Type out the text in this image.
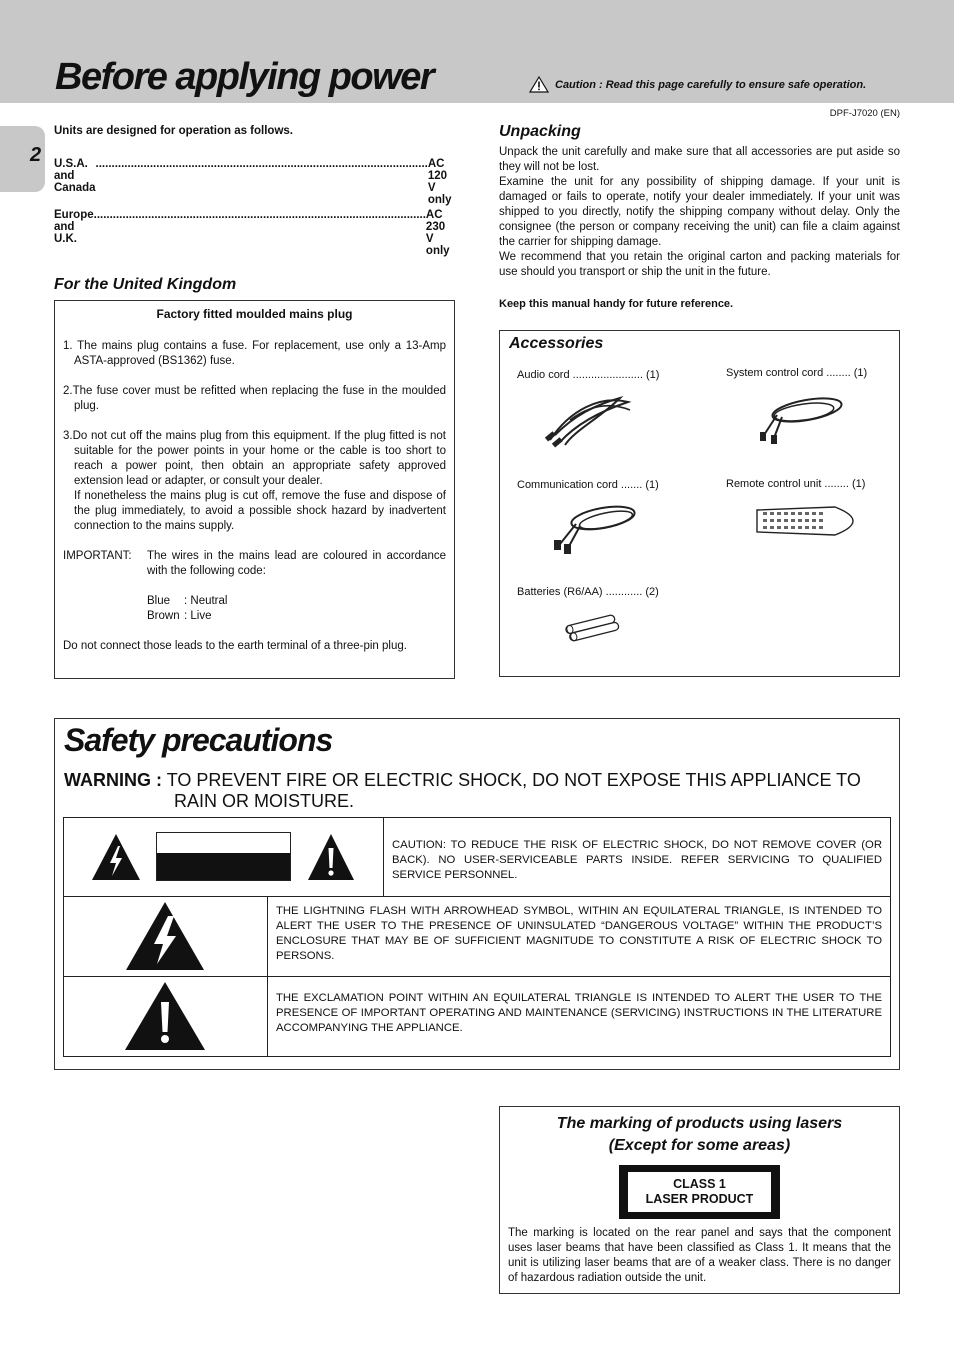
Before applying power	Caution : Read this page carefully to ensure safe operation.
DPF-J7020 (EN)
2
Units are designed for operation as follows.
U.S.A. and Canada
........................................................................................................ AC 120 V only
Europe and U.K.
........................................................................................................ AC 230 V only
For the United Kingdom
Factory fitted moulded mains plug

1. The mains plug contains a fuse. For replacement, use only a 13-Amp ASTA-approved (BS1362) fuse.

2.The fuse cover must be refitted when replacing the fuse in the moulded plug.

3.Do not cut off the mains plug from this equipment. If the plug fitted is not suitable for the power points in your home or the cable is too short to reach a power point, then obtain an appropriate safety approved extension lead or adapter, or consult your dealer.

If nonetheless the mains plug is cut off, remove the fuse and dispose of the plug immediately, to avoid a possible shock hazard by inadvertent connection to the mains supply.

IMPORTANT:	The wires in the mains lead are coloured in accordance with the following code:
Blue : Neutral
Brown : Live
Do not connect those leads to the earth terminal of a three-pin plug.
Unpacking
Unpack the unit carefully and make sure that all accessories are put aside so they will not be lost.
Examine the unit for any possibility of shipping damage. If your unit is damaged or fails to operate, notify your dealer immediately. If your unit was shipped to you directly, notify the shipping company without delay. Only the consignee (the person or company receiving the unit) can file a claim against the carrier for shipping damage.
We recommend that you retain the original carton and packing materials for use should you transport or ship the unit in the future.
Keep this manual handy for future reference.
Accessories
Audio cord ....................... (1)	System control cord ........ (1)
Communication cord ....... (1)	Remote control unit ........ (1)
Batteries (R6/AA) ............ (2)
Safety precautions
WARNING : TO PREVENT FIRE OR ELECTRIC SHOCK, DO NOT EXPOSE THIS APPLIANCE TO
RAIN OR MOISTURE.
CAUTION: TO REDUCE THE RISK OF ELECTRIC SHOCK, DO NOT REMOVE COVER (OR BACK). NO USER-SERVICEABLE PARTS INSIDE. REFER SERVICING TO QUALIFIED SERVICE PERSONNEL.
THE LIGHTNING FLASH WITH ARROWHEAD SYMBOL, WITHIN AN EQUILATERAL TRIANGLE, IS INTENDED TO ALERT THE USER TO THE PRESENCE OF UNINSULATED “DANGEROUS VOLTAGE” WITHIN THE PRODUCT’S ENCLOSURE THAT MAY BE OF SUFFICIENT MAGNITUDE TO CONSTITUTE A RISK OF ELECTRIC SHOCK TO PERSONS.
THE EXCLAMATION POINT WITHIN AN EQUILATERAL TRIANGLE IS INTENDED TO ALERT THE USER TO THE PRESENCE OF IMPORTANT OPERATING AND MAINTENANCE (SERVICING) INSTRUCTIONS IN THE LITERATURE ACCOMPANYING THE APPLIANCE.
The marking of products using lasers
(Except for some areas)
CLASS 1
LASER PRODUCT
The marking is located on the rear panel and says that the component uses laser beams that have been classified as Class 1. It means that the unit is utilizing laser beams that are of a weaker class. There is no danger of hazardous radiation outside the unit.
